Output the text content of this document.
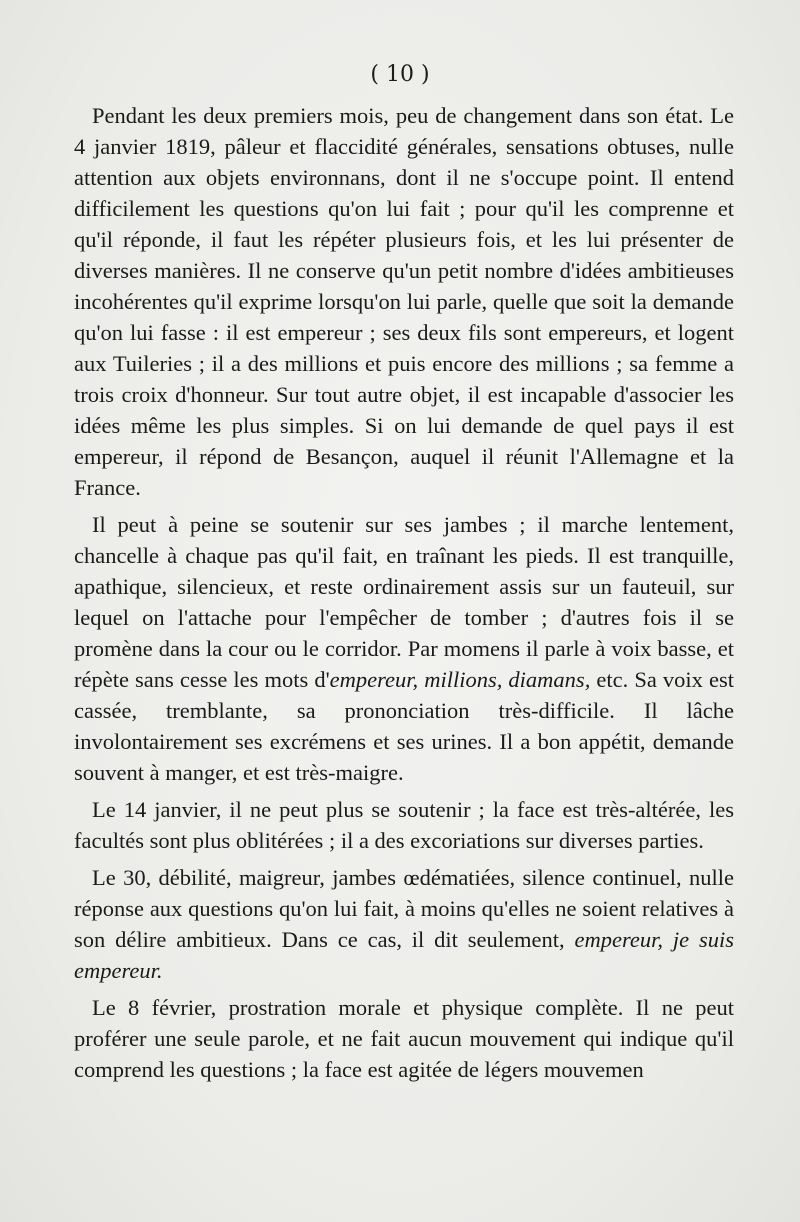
( 10 )

Pendant les deux premiers mois, peu de changement dans son état. Le 4 janvier 1819, pâleur et flaccidité générales, sensations obtuses, nulle attention aux objets environnans, dont il ne s'occupe point. Il entend difficilement les questions qu'on lui fait ; pour qu'il les comprenne et qu'il réponde, il faut les répéter plusieurs fois, et les lui présenter de diverses manières. Il ne conserve qu'un petit nombre d'idées ambitieuses incohérentes qu'il exprime lorsqu'on lui parle, quelle que soit la demande qu'on lui fasse : il est empereur ; ses deux fils sont empereurs, et logent aux Tuileries ; il a des millions et puis encore des millions ; sa femme a trois croix d'honneur. Sur tout autre objet, il est incapable d'associer les idées même les plus simples. Si on lui demande de quel pays il est empereur, il répond de Besançon, auquel il réunit l'Allemagne et la France.

Il peut à peine se soutenir sur ses jambes ; il marche lentement, chancelle à chaque pas qu'il fait, en traînant les pieds. Il est tranquille, apathique, silencieux, et reste ordinairement assis sur un fauteuil, sur lequel on l'attache pour l'empêcher de tomber ; d'autres fois il se promène dans la cour ou le corridor. Par momens il parle à voix basse, et répète sans cesse les mots d'empereur, millions, diamans, etc. Sa voix est cassée, tremblante, sa prononciation très-difficile. Il lâche involontairement ses excrémens et ses urines. Il a bon appétit, demande souvent à manger, et est très-maigre.

Le 14 janvier, il ne peut plus se soutenir ; la face est très-altérée, les facultés sont plus oblitérées ; il a des excoriations sur diverses parties.

Le 30, débilité, maigreur, jambes œdématiées, silence continuel, nulle réponse aux questions qu'on lui fait, à moins qu'elles ne soient relatives à son délire ambitieux. Dans ce cas, il dit seulement, empereur, je suis empereur.

Le 8 février, prostration morale et physique complète. Il ne peut proférer une seule parole, et ne fait aucun mouvement qui indique qu'il comprend les questions ; la face est agitée de légers mouvemen
